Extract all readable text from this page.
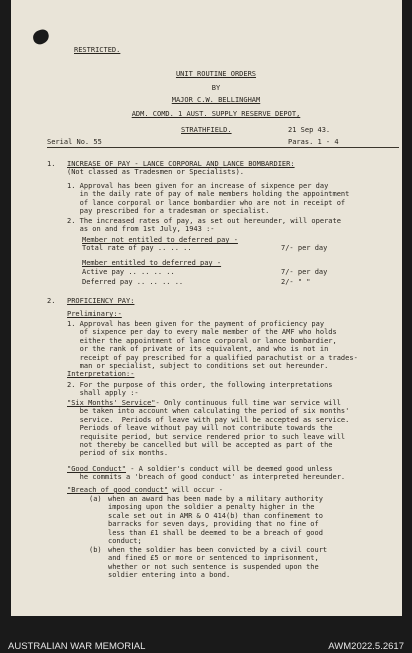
RESTRICTED.
UNIT ROUTINE ORDERS
BY
MAJOR C.W. BELLINGHAM
ADM. COMD. 1 AUST. SUPPLY RESERVE DEPOT,
STRATHFIELD.	21 Sep 43.
Serial No. 55	Paras. 1 - 4
1. INCREASE OF PAY - LANCE CORPORAL AND LANCE BOMBARDIER:
(Not classed as Tradesmen or Specialists).
1. Approval has been given for an increase of sixpence per day
in the daily rate of pay of male members holding the appointment
of lance corporal or lance bombardier who are not in receipt of
pay prescribed for a tradesman or specialist.
2. The increased rates of pay, as set out hereunder, will operate
as on and from 1st July, 1943 :-
Member not entitled to deferred pay -
Total rate of pay .. .. ..	7/- per day
Member entitled to deferred pay -
Active pay .. .. .. ..	7/- per day
Deferred pay .. .. .. ..	2/- " "
2. PROFICIENCY PAY:
Preliminary:-
1. Approval has been given for the payment of proficiency pay
of sixpence per day to every male member of the AMF who holds
either the appointment of lance corporal or lance bombardier,
or the rank of private or its equivalent, and who is not in
receipt of pay prescribed for a qualified parachutist or a trades-
man or specialist, subject to conditions set out hereunder.
Interpretation:-
2. For the purpose of this order, the following interpretations
shall apply :-
"Six Months' Service" - Only continuous full time war service will
be taken into account when calculating the period of six months'
service.  Periods of leave with pay will be accepted as service.
Periods of leave without pay will not contribute towards the
requisite period, but service rendered prior to such leave will
not thereby be cancelled but will be accepted as part of the
period of six months.
"Good Conduct" - A soldier's conduct will be deemed good unless
he commits a 'breach of good conduct' as interpreted hereunder.
"Breach of good conduct" will occur -
(a) when an award has been made by a military authority
imposing upon the soldier a penalty higher in the
scale set out in AMR & O 414(b) than confinement to
barracks for seven days, providing that no fine of
less than £1 shall be deemed to be a breach of good
conduct;
(b) when the soldier has been convicted by a civil court
and fined £5 or more or sentenced to imprisonment,
whether or not such sentence is suspended upon the
soldier entering into a bond.
AUSTRALIAN WAR MEMORIAL	AWM2022.5.2617
